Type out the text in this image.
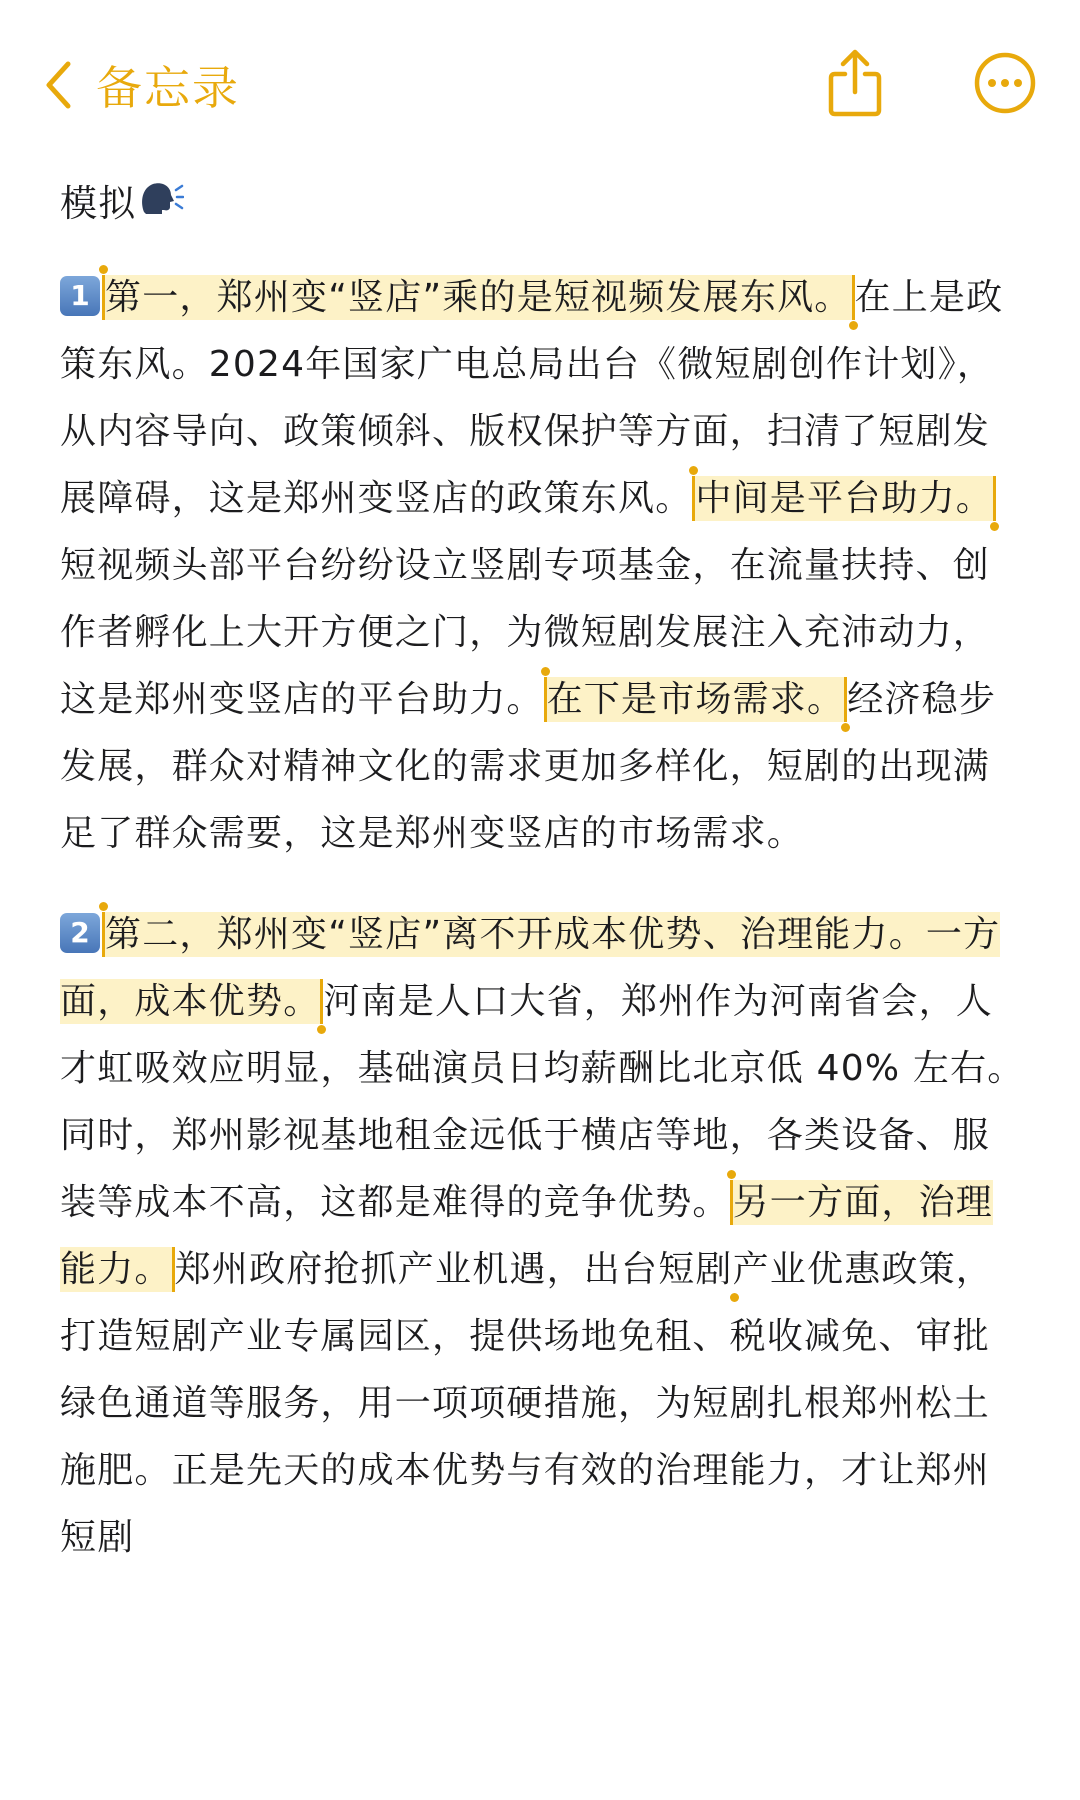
备忘录
模拟

1 第一，郑州变“竖店”乘的是短视频发展东风。在上是政策东风。2024年国家广电总局出台《微短剧创作计划》，从内容导向、政策倾斜、版权保护等方面，扫清了短剧发展障碍，这是郑州变竖店的政策东风。中间是平台助力。短视频头部平台纷纷设立竖剧专项基金，在流量扶持、创作者孵化上大开方便之门，为微短剧发展注入充沛动力，这是郑州变竖店的平台助力。在下是市场需求。经济稳步发展，群众对精神文化的需求更加多样化，短剧的出现满足了群众需要，这是郑州变竖店的市场需求。

2 第二，郑州变“竖店”离不开成本优势、治理能力。一方面，成本优势。河南是人口大省，郑州作为河南省会，人才虹吸效应明显，基础演员日均薪酬比北京低 40% 左右。同时，郑州影视基地租金远低于横店等地，各类设备、服装等成本不高，这都是难得的竞争优势。另一方面，治理能力。郑州政府抢抓产业机遇，出台短剧产业优惠政策，打造短剧产业专属园区，提供场地免租、税收减免、审批绿色通道等服务，用一项项硬措施，为短剧扎根郑州松土施肥。正是先天的成本优势与有效的治理能力，才让郑州短剧
